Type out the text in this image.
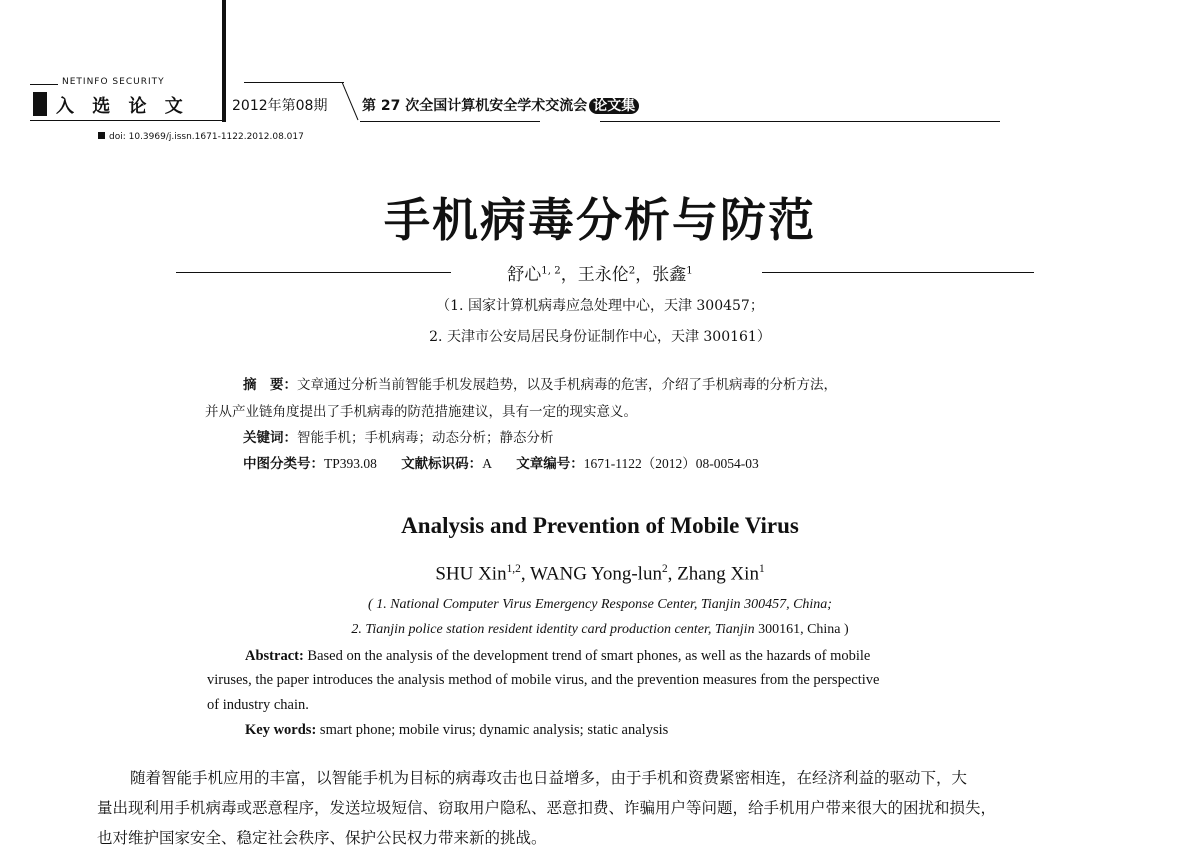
NETINFO SECURITY
入 选 论 文	2012年第08期 第 27 次全国计算机安全学术交流会 论文集
doi: 10.3969/j.issn.1671-1122.2012.08.017
手机病毒分析与防范
舒心$^{1, 2}$，王永伦$^2$，张鑫$^1$
（1. 国家计算机病毒应急处理中心，天津 300457；
2. 天津市公安局居民身份证制作中心，天津 300161）
摘　要：文章通过分析当前智能手机发展趋势，以及手机病毒的危害，介绍了手机病毒的分析方法，
并从产业链角度提出了手机病毒的防范措施建议，具有一定的现实意义。
关键词：智能手机；手机病毒；动态分析；静态分析
中图分类号：TP393.08 文献标识码：A 文章编号：1671-1122（2012）08-0054-03
Analysis and Prevention of Mobile Virus
SHU Xin$^{1,2}$, WANG Yong-lun$^2$, Zhang Xin$^1$
( 1. National Computer Virus Emergency Response Center, Tianjin 300457, China;
2. Tianjin police station resident identity card production center, Tianjin 300161, China )
Abstract: Based on the analysis of the development trend of smart phones, as well as the hazards of mobile
viruses, the paper introduces the analysis method of mobile virus, and the prevention measures from the perspective
of industry chain.
Key words: smart phone; mobile virus; dynamic analysis; static analysis
随着智能手机应用的丰富，以智能手机为目标的病毒攻击也日益增多，由于手机和资费紧密相连，在经济利益的驱动下，大
量出现利用手机病毒或恶意程序，发送垃圾短信、窃取用户隐私、恶意扣费、诈骗用户等问题，给手机用户带来很大的困扰和损失，
也对维护国家安全、稳定社会秩序、保护公民权力带来新的挑战。
